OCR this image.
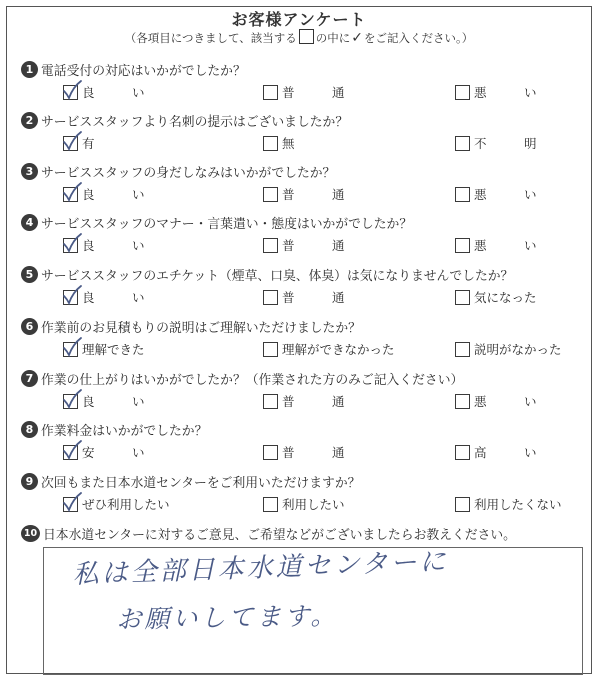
お客様アンケート
（各項目につきまして、該当する の中に✓をご記入ください。）
1 電話受付の対応はいかがでしたか？
良　　　い	普　　　通	悪　　　い
2 サービススタッフより名刺の提示はございましたか？
有	無	不　　　明
3 サービススタッフの身だしなみはいかがでしたか？
良　　　い	普　　　通	悪　　　い
4 サービススタッフのマナー・言葉遣い・態度はいかがでしたか？
良　　　い	普　　　通	悪　　　い
5 サービススタッフのエチケット（煙草、口臭、体臭）は気になりませんでしたか？
良　　　い	普　　　通	気になった
6 作業前のお見積もりの説明はご理解いただけましたか？
理解できた	理解ができなかった	説明がなかった
7 作業の仕上がりはいかがでしたか？（作業された方のみご記入ください）
良　　　い	普　　　通	悪　　　い
8 作業料金はいかがでしたか？
安　　　い	普　　　通	高　　　い
9 次回もまた日本水道センターをご利用いただけますか？
ぜひ利用したい	利用したい	利用したくない
10 日本水道センターに対するご意見、ご希望などがございましたらお教えください。
私は全部日本水道センターに
お願いしてます。
